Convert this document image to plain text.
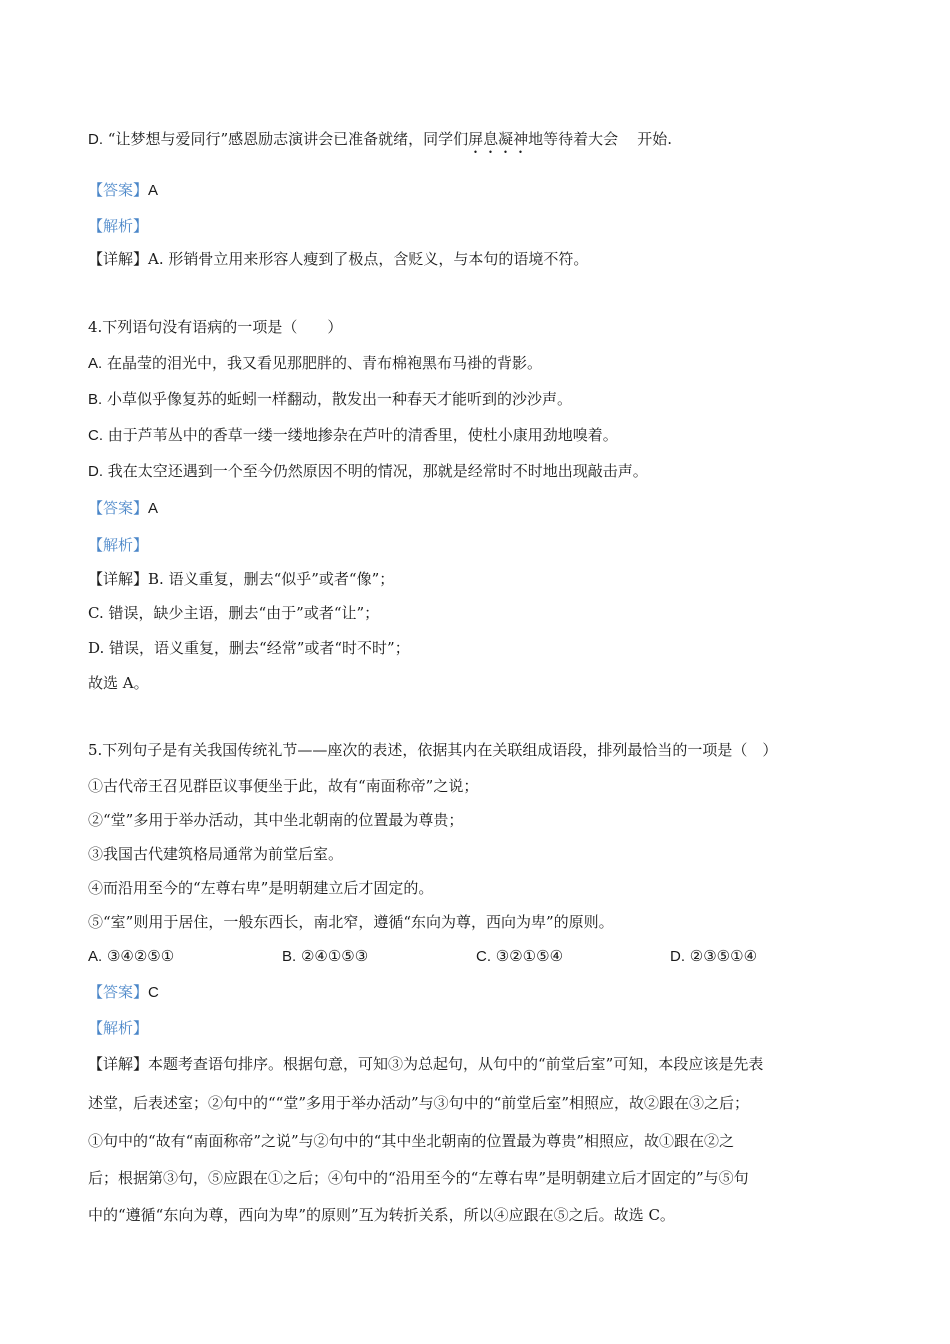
D. “让梦想与爱同行”感恩励志演讲会已准备就绪，同学们屏息凝神地等待着大会    开始.
【答案】A
【解析】
【详解】A. 形销骨立用来形容人瘦到了极点，含贬义，与本句的语境不符。
4.下列语句没有语病的一项是（　　）
A. 在晶莹的泪光中，我又看见那肥胖的、青布棉袍黑布马褂的背影。
B. 小草似乎像复苏的蚯蚓一样翻动，散发出一种春天才能听到的沙沙声。
C. 由于芦苇丛中的香草一缕一缕地掺杂在芦叶的清香里，使杜小康用劲地嗅着。
D. 我在太空还遇到一个至今仍然原因不明的情况，那就是经常时不时地出现敲击声。
【答案】A
【解析】
【详解】B. 语义重复，删去“似乎”或者“像”；
C. 错误，缺少主语，删去“由于”或者“让”；
D. 错误，语义重复，删去“经常”或者“时不时”；
故选 A。
5.下列句子是有关我国传统礼节——座次的表述，依据其内在关联组成语段，排列最恰当的一项是（　）
①古代帝王召见群臣议事便坐于此，故有“南面称帝”之说；
②“堂”多用于举办活动，其中坐北朝南的位置最为尊贵；
③我国古代建筑格局通常为前堂后室。
④而沿用至今的“左尊右卑”是明朝建立后才固定的。
⑤“室”则用于居住，一般东西长，南北窄，遵循“东向为尊，西向为卑”的原则。
A. ③④②⑤①	B. ②④①⑤③	C. ③②①⑤④	D. ②③⑤①④
【答案】C
【解析】
【详解】本题考查语句排序。根据句意，可知③为总起句，从句中的“前堂后室”可知，本段应该是先表
述堂，后表述室；②句中的““堂”多用于举办活动”与③句中的“前堂后室”相照应，故②跟在③之后；
①句中的“故有“南面称帝”之说”与②句中的“其中坐北朝南的位置最为尊贵”相照应，故①跟在②之
后；根据第③句，⑤应跟在①之后；④句中的“沿用至今的“左尊右卑”是明朝建立后才固定的”与⑤句
中的“遵循“东向为尊，西向为卑”的原则”互为转折关系，所以④应跟在⑤之后。故选 C。
